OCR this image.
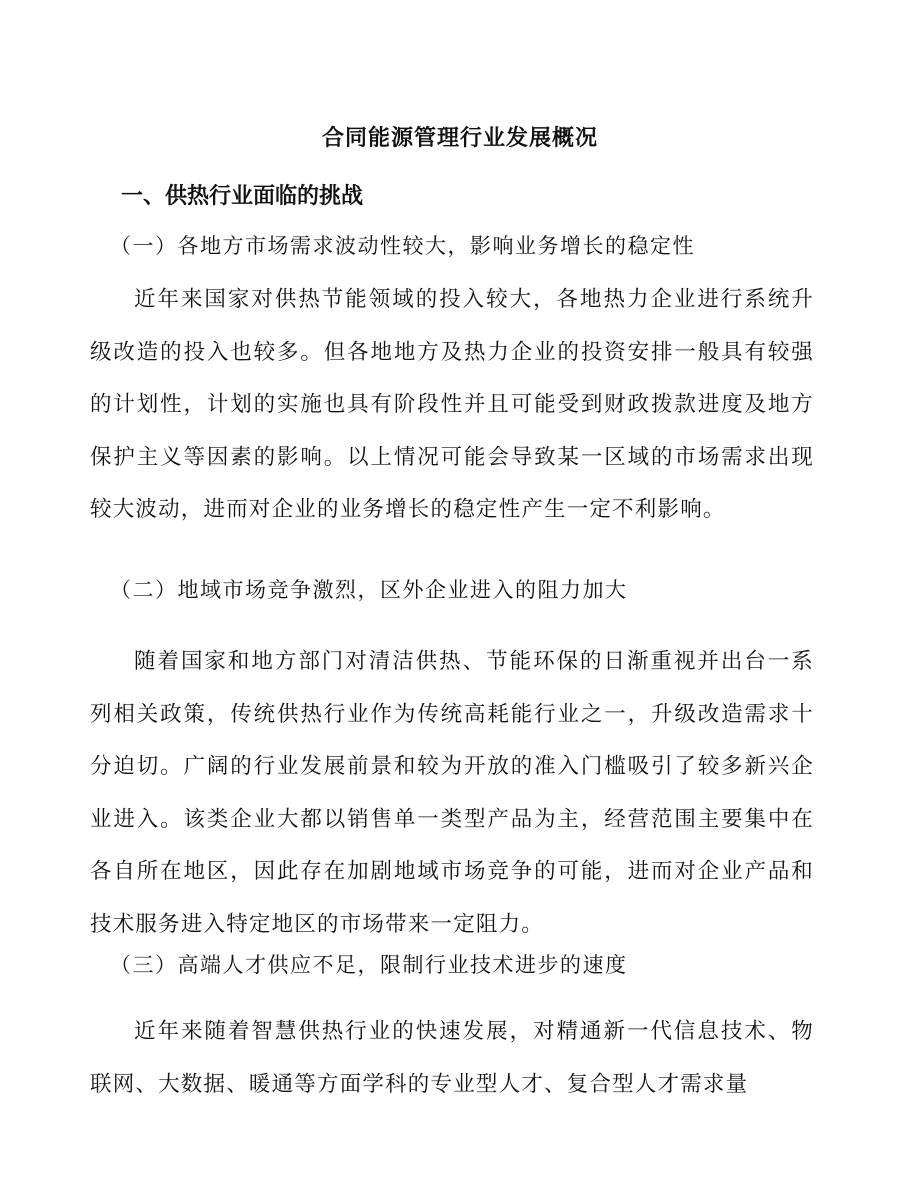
合同能源管理行业发展概况
一、供热行业面临的挑战
（一）各地方市场需求波动性较大，影响业务增长的稳定性

近年来国家对供热节能领域的投入较大，各地热力企业进行系统升级改造的投入也较多。但各地地方及热力企业的投资安排一般具有较强的计划性，计划的实施也具有阶段性并且可能受到财政拨款进度及地方保护主义等因素的影响。以上情况可能会导致某一区域的市场需求出现较大波动，进而对企业的业务增长的稳定性产生一定不利影响。

（二）地域市场竞争激烈，区外企业进入的阻力加大

随着国家和地方部门对清洁供热、节能环保的日渐重视并出台一系列相关政策，传统供热行业作为传统高耗能行业之一，升级改造需求十分迫切。广阔的行业发展前景和较为开放的准入门槛吸引了较多新兴企业进入。该类企业大都以销售单一类型产品为主，经营范围主要集中在各自所在地区，因此存在加剧地域市场竞争的可能，进而对企业产品和技术服务进入特定地区的市场带来一定阻力。

（三）高端人才供应不足，限制行业技术进步的速度

近年来随着智慧供热行业的快速发展，对精通新一代信息技术、物联网、大数据、暖通等方面学科的专业型人才、复合型人才需求量
